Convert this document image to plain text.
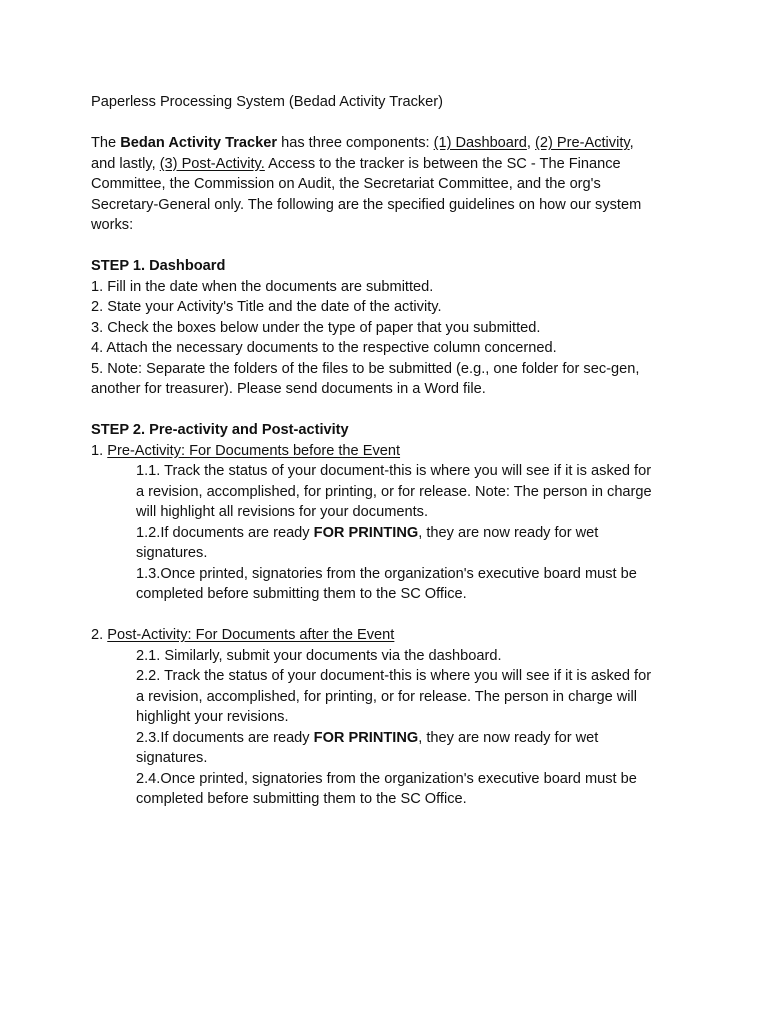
Paperless Processing System (Bedad Activity Tracker)

The Bedan Activity Tracker has three components: (1) Dashboard, (2) Pre-Activity,

and lastly, (3) Post-Activity. Access to the tracker is between the SC - The Finance

Committee, the Commission on Audit, the Secretariat Committee, and the org's

Secretary-General only. The following are the specified guidelines on how our system

works:

STEP 1. Dashboard

1. Fill in the date when the documents are submitted.

2. State your Activity's Title and the date of the activity.

3. Check the boxes below under the type of paper that you submitted.

4. Attach the necessary documents to the respective column concerned.

5. Note: Separate the folders of the files to be submitted (e.g., one folder for sec-gen,

another for treasurer). Please send documents in a Word file.

STEP 2. Pre-activity and Post-activity

1. Pre-Activity: For Documents before the Event

1.1. Track the status of your document-this is where you will see if it is asked for

a revision, accomplished, for printing, or for release. Note: The person in charge

will highlight all revisions for your documents.

1.2.If documents are ready FOR PRINTING, they are now ready for wet

signatures.

1.3.Once printed, signatories from the organization's executive board must be

completed before submitting them to the SC Office.

2. Post-Activity: For Documents after the Event

2.1. Similarly, submit your documents via the dashboard.

2.2. Track the status of your document-this is where you will see if it is asked for

a revision, accomplished, for printing, or for release. The person in charge will

highlight your revisions.

2.3.If documents are ready FOR PRINTING, they are now ready for wet

signatures.

2.4.Once printed, signatories from the organization's executive board must be

completed before submitting them to the SC Office.
